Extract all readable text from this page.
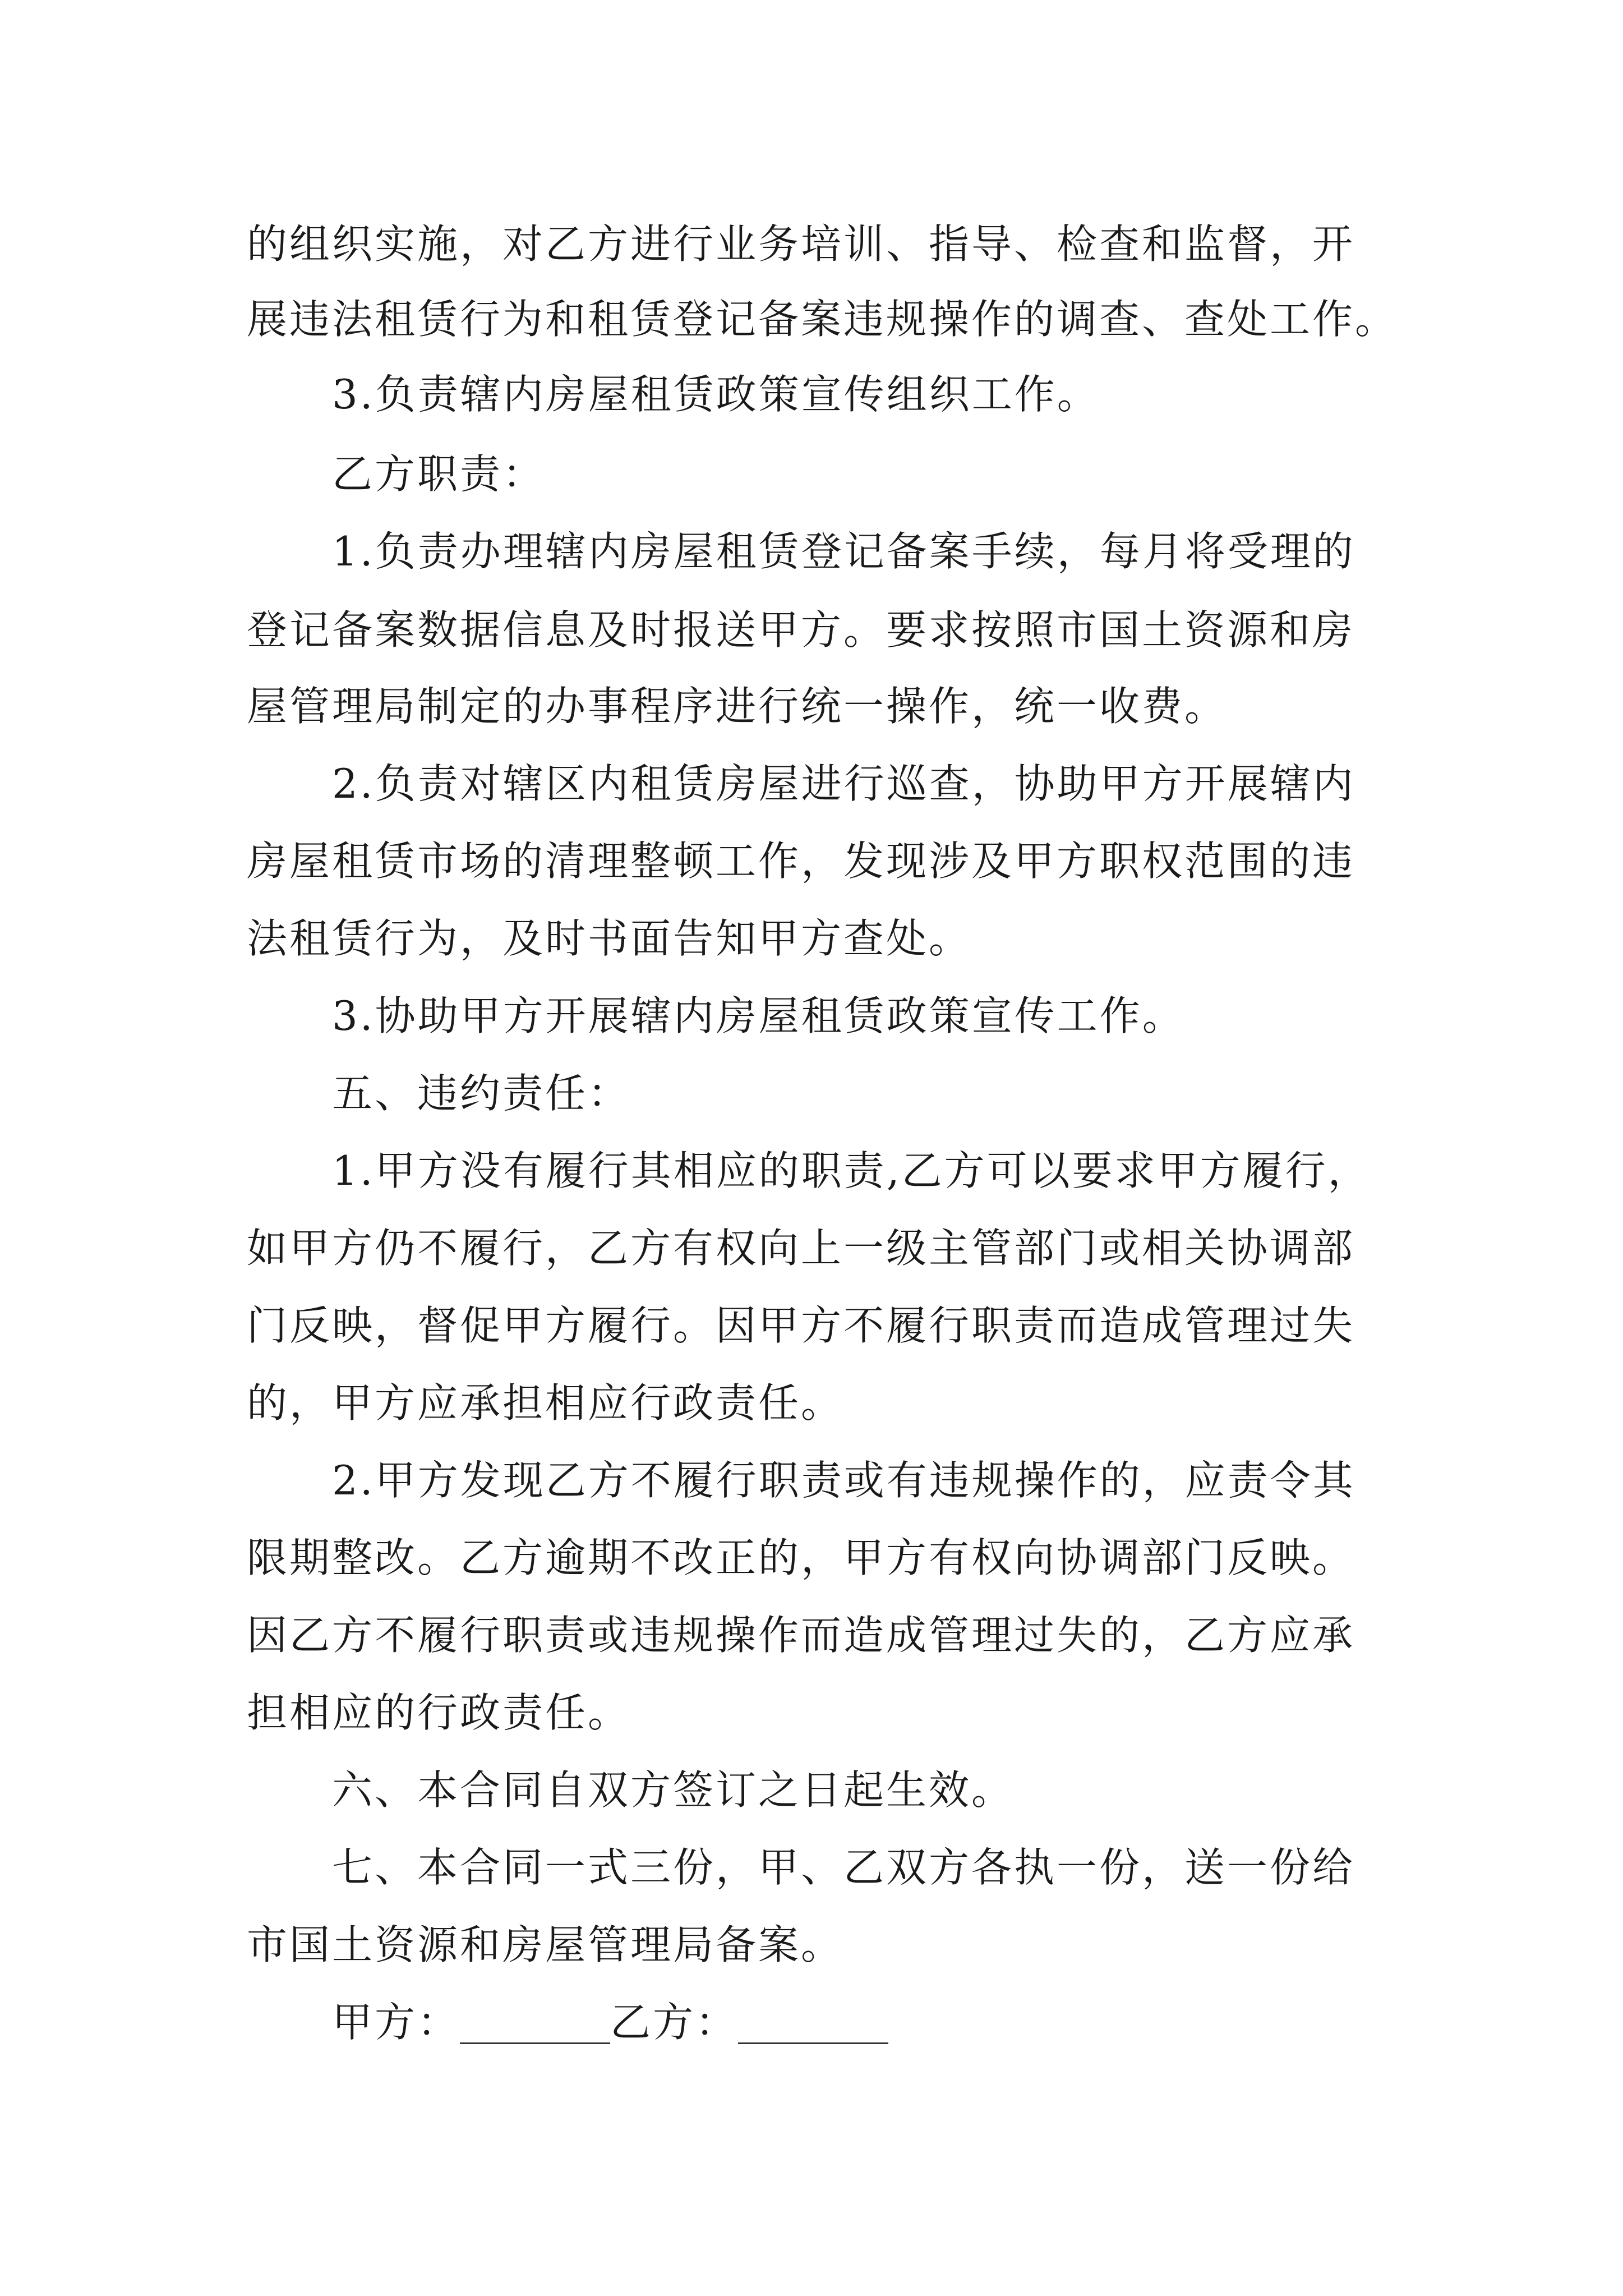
的组织实施，对乙方进行业务培训、指导、检查和监督，开
展违法租赁行为和租赁登记备案违规操作的调查、查处工作。
3.负责辖内房屋租赁政策宣传组织工作。
乙方职责：
1.负责办理辖内房屋租赁登记备案手续，每月将受理的
登记备案数据信息及时报送甲方。要求按照市国土资源和房
屋管理局制定的办事程序进行统一操作，统一收费。
2.负责对辖区内租赁房屋进行巡查，协助甲方开展辖内
房屋租赁市场的清理整顿工作，发现涉及甲方职权范围的违
法租赁行为，及时书面告知甲方查处。
3.协助甲方开展辖内房屋租赁政策宣传工作。
五、违约责任：
1.甲方没有履行其相应的职责,乙方可以要求甲方履行，
如甲方仍不履行，乙方有权向上一级主管部门或相关协调部
门反映，督促甲方履行。因甲方不履行职责而造成管理过失
的，甲方应承担相应行政责任。
2.甲方发现乙方不履行职责或有违规操作的，应责令其
限期整改。乙方逾期不改正的，甲方有权向协调部门反映。
因乙方不履行职责或违规操作而造成管理过失的，乙方应承
担相应的行政责任。
六、本合同自双方签订之日起生效。
七、本合同一式三份，甲、乙双方各执一份，送一份给
市国土资源和房屋管理局备案。
甲方：	乙方：
